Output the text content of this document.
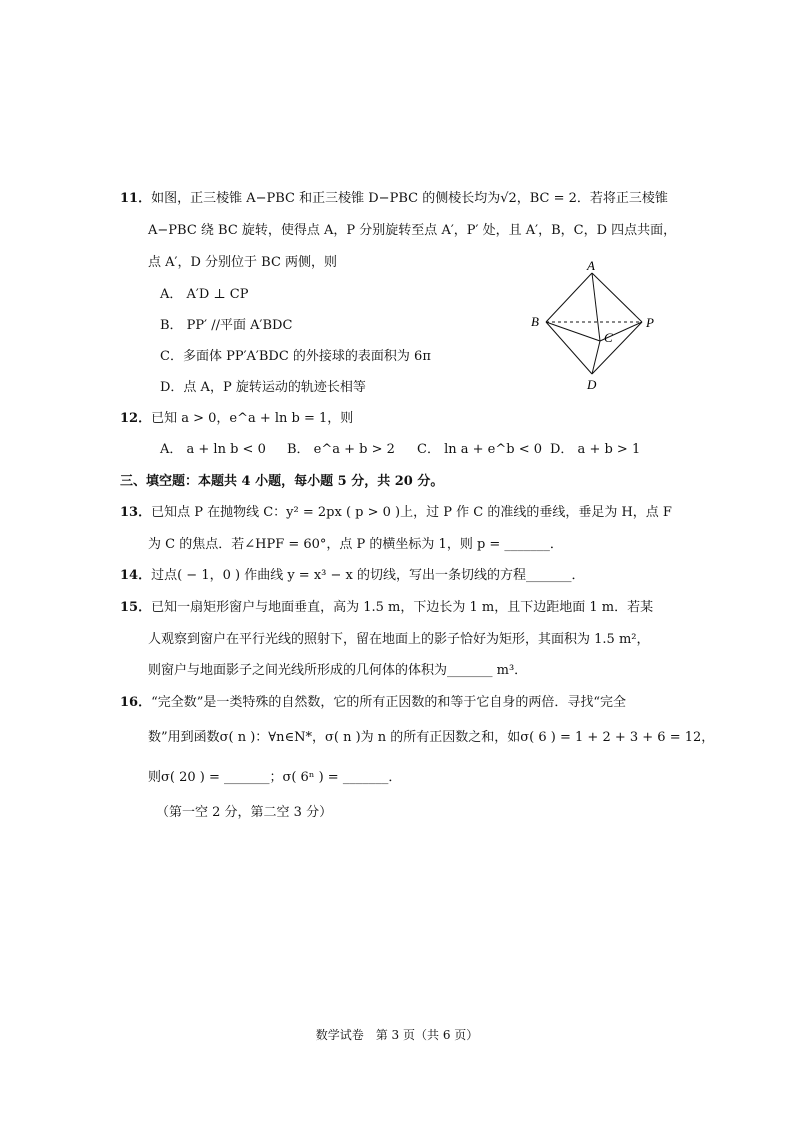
11．如图，正三棱锥 A−PBC 和正三棱锥 D−PBC 的侧棱长均为√2，BC = 2．若将正三棱锥
A−PBC 绕 BC 旋转，使得点 A，P 分别旋转至点 A′，P′ 处，且 A′，B，C，D 四点共面，
点 A′，D 分别位于 BC 两侧，则
A． A′D ⊥ CP
B． PP′ //平面 A′BDC
C．多面体 PP′A′BDC 的外接球的表面积为 6π
D．点 A，P 旋转运动的轨迹长相等
A
B
C
P
D
12．已知 a > 0，e^a + ln b = 1，则
A． a + ln b < 0 B． e^a + b > 2 C． ln a + e^b < 0 D． a + b > 1
三、填空题：本题共 4 小题，每小题 5 分，共 20 分。
13．已知点 P 在抛物线 C：y² = 2px ( p > 0 )上，过 P 作 C 的准线的垂线，垂足为 H，点 F
为 C 的焦点．若∠HPF = 60°，点 P 的横坐标为 1，则 p = _______．
14．过点( − 1，0 ) 作曲线 y = x³ − x 的切线，写出一条切线的方程_______．
15．已知一扇矩形窗户与地面垂直，高为 1.5 m，下边长为 1 m，且下边距地面 1 m．若某
人观察到窗户在平行光线的照射下，留在地面上的影子恰好为矩形，其面积为 1.5 m²，
则窗户与地面影子之间光线所形成的几何体的体积为_______ m³．
16．“完全数”是一类特殊的自然数，它的所有正因数的和等于它自身的两倍．寻找“完全
数”用到函数σ( n )：∀n∈N*，σ( n )为 n 的所有正因数之和，如σ( 6 ) = 1 + 2 + 3 + 6 = 12，
则σ( 20 ) = _______；σ( 6ⁿ ) = _______．
（第一空 2 分，第二空 3 分）
数学试卷　第 3 页（共 6 页）
